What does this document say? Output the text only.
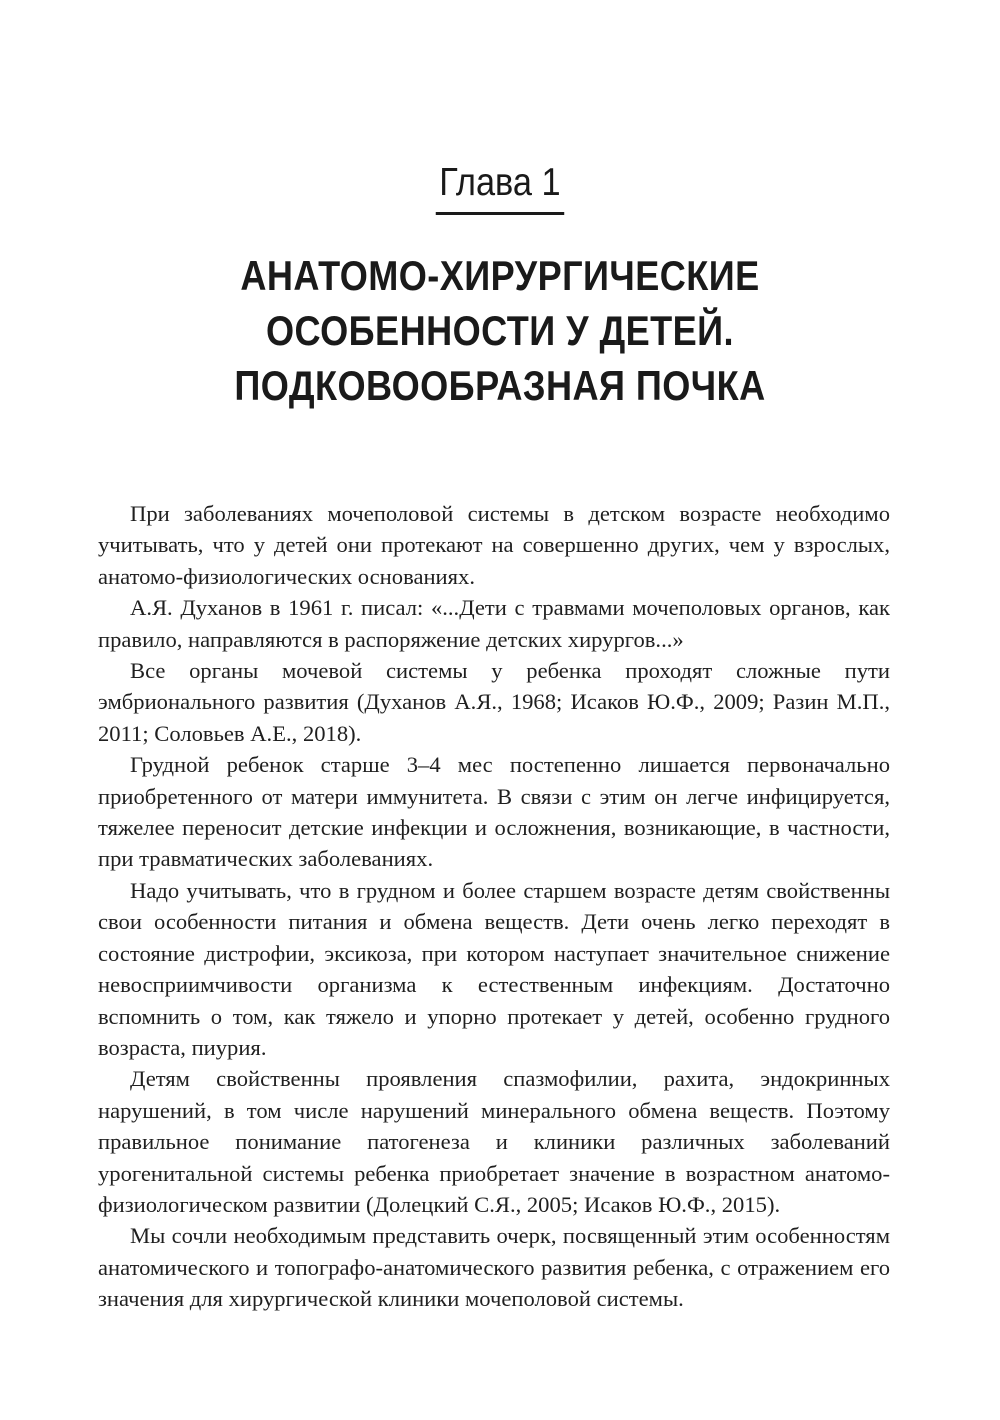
Глава 1
АНАТОМО-ХИРУРГИЧЕСКИЕ
ОСОБЕННОСТИ У ДЕТЕЙ.
ПОДКОВООБРАЗНАЯ ПОЧКА

При заболеваниях мочеполовой системы в детском возрасте необходимо учитывать, что у детей они протекают на совершенно других, чем у взрослых, анатомо-физиологических основаниях.

А.Я. Духанов в 1961 г. писал: «...Дети с травмами мочеполовых органов, как правило, направляются в распоряжение детских хирургов...»

Все органы мочевой системы у ребенка проходят сложные пути эмбрионального развития (Духанов А.Я., 1968; Исаков Ю.Ф., 2009; Разин М.П., 2011; Соловьев А.Е., 2018).

Грудной ребенок старше 3–4 мес постепенно лишается первоначально приобретенного от матери иммунитета. В связи с этим он легче инфицируется, тяжелее переносит детские инфекции и осложнения, возникающие, в частности, при травматических заболеваниях.

Надо учитывать, что в грудном и более старшем возрасте детям свойственны свои особенности питания и обмена веществ. Дети очень легко переходят в состояние дистрофии, эксикоза, при котором наступает значительное снижение невосприимчивости организма к естественным инфекциям. Достаточно вспомнить о том, как тяжело и упорно протекает у детей, особенно грудного возраста, пиурия.

Детям свойственны проявления спазмофилии, рахита, эндокринных нарушений, в том числе нарушений минерального обмена веществ. Поэтому правильное понимание патогенеза и клиники различных заболеваний урогенитальной системы ребенка приобретает значение в возрастном анатомо-физиологическом развитии (Долецкий С.Я., 2005; Исаков Ю.Ф., 2015).

Мы сочли необходимым представить очерк, посвященный этим особенностям анатомического и топографо-анатомического развития ребенка, с отражением его значения для хирургической клиники мочеполовой системы.
